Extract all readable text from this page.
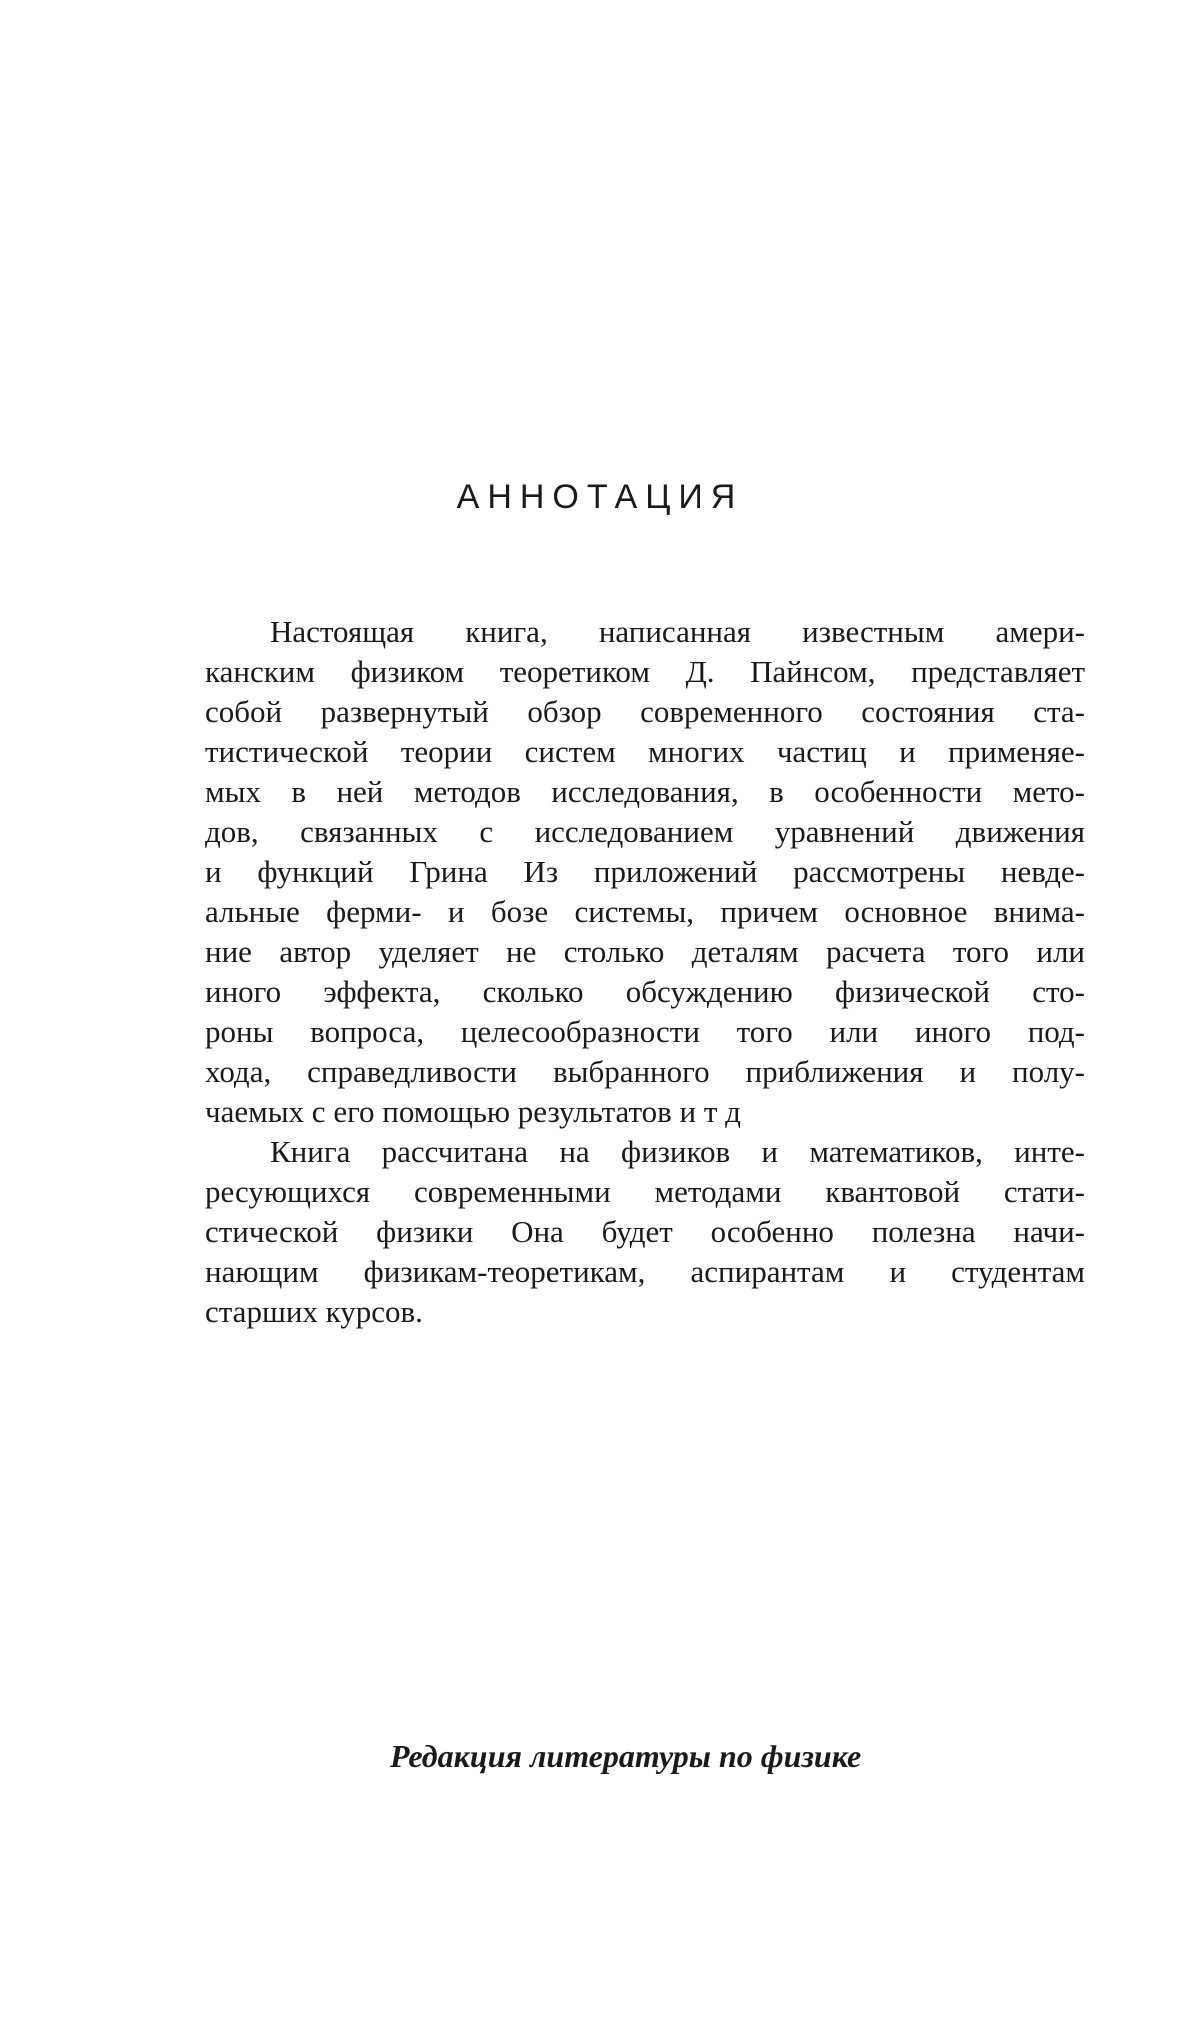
АННОТАЦИЯ
Настоящая книга, написанная известным амери-
канским физиком теоретиком Д. Пайнсом, представляет
собой развернутый обзор современного состояния ста-
тистической теории систем многих частиц и применяе-
мых в ней методов исследования, в особенности мето-
дов, связанных с исследованием уравнений движения
и функций Грина Из приложений рассмотрены невде-
альные ферми- и бозе системы, причем основное внима-
ние автор уделяет не столько деталям расчета того или
иного эффекта, сколько обсуждению физической сто-
роны вопроса, целесообразности того или иного под-
хода, справедливости выбранного приближения и полу-
чаемых с его помощью результатов и т д
Книга рассчитана на физиков и математиков, инте-
ресующихся современными методами квантовой стати-
стической физики Она будет особенно полезна начи-
нающим физикам-теоретикам, аспирантам и студентам
старших курсов.

Редакция литературы по физике
